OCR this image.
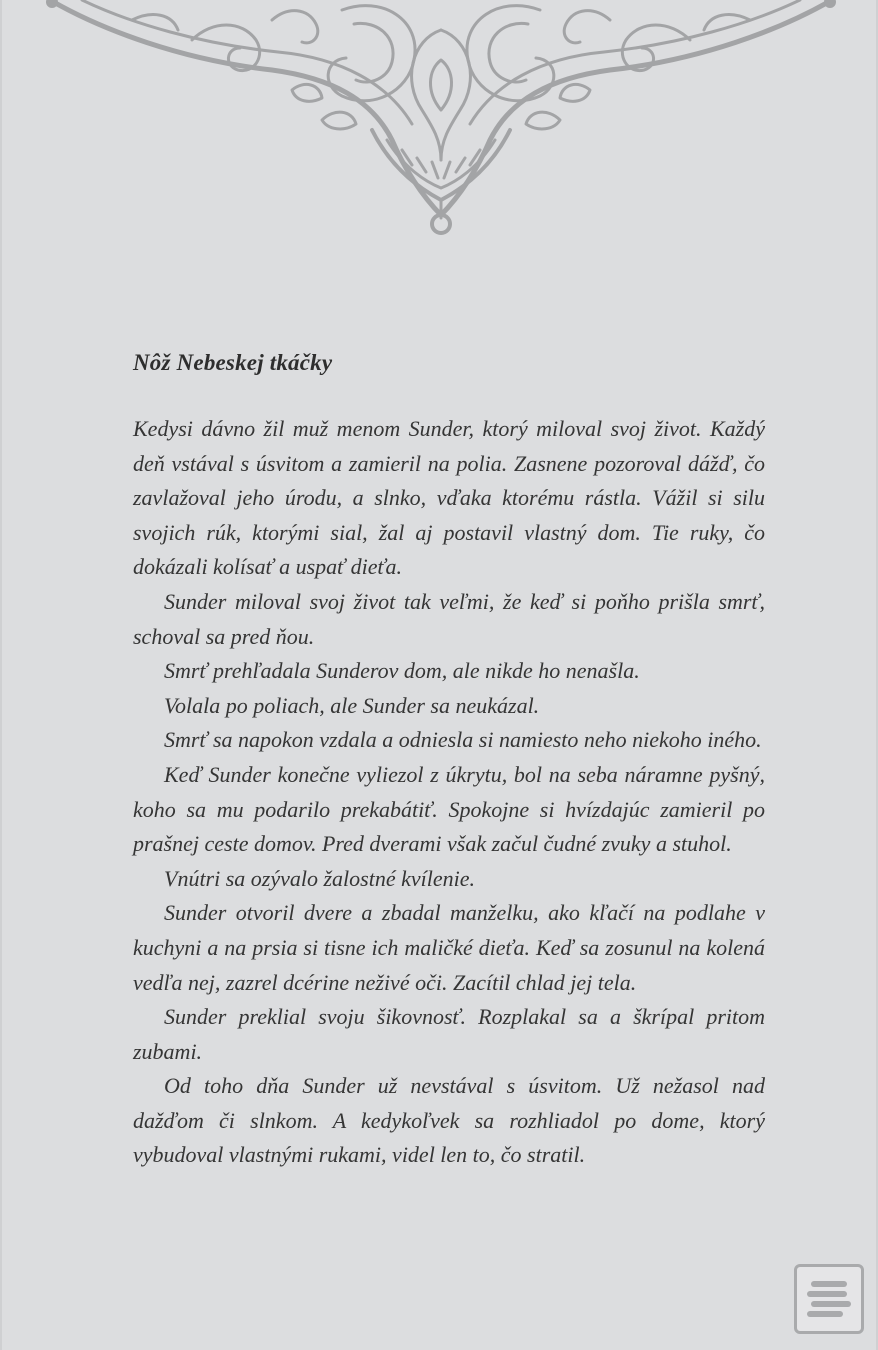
Nôž Nebeskej tkáčky

Kedysi dávno žil muž menom Sunder, ktorý miloval svoj život. Každý deň vstával s úsvitom a zamieril na polia. Zasnene pozoroval dážď, čo zavlažoval jeho úrodu, a slnko, vďaka ktorému rástla. Vážil si silu svojich rúk, ktorými sial, žal aj postavil vlastný dom. Tie ruky, čo dokázali kolísať a uspať dieťa.

Sunder miloval svoj život tak veľmi, že keď si poňho prišla smrť, schoval sa pred ňou.

Smrť prehľadala Sunderov dom, ale nikde ho nenašla.

Volala po poliach, ale Sunder sa neukázal.

Smrť sa napokon vzdala a odniesla si namiesto neho niekoho iného.

Keď Sunder konečne vyliezol z úkrytu, bol na seba náramne pyšný, koho sa mu podarilo prekabátiť. Spokojne si hvízdajúc zamieril po prašnej ceste domov. Pred dverami však začul čudné zvuky a stuhol.

Vnútri sa ozývalo žalostné kvílenie.

Sunder otvoril dvere a zbadal manželku, ako kľačí na podlahe v kuchyni a na prsia si tisne ich maličké dieťa. Keď sa zosunul na kolená vedľa nej, zazrel dcérine neživé oči. Zacítil chlad jej tela.

Sunder preklial svoju šikovnosť. Rozplakal sa a škrípal pritom zubami.

Od toho dňa Sunder už nevstával s úsvitom. Už nežasol nad dažďom či slnkom. A kedykoľvek sa rozhliadol po dome, ktorý vybudoval vlastnými rukami, videl len to, čo stratil.
